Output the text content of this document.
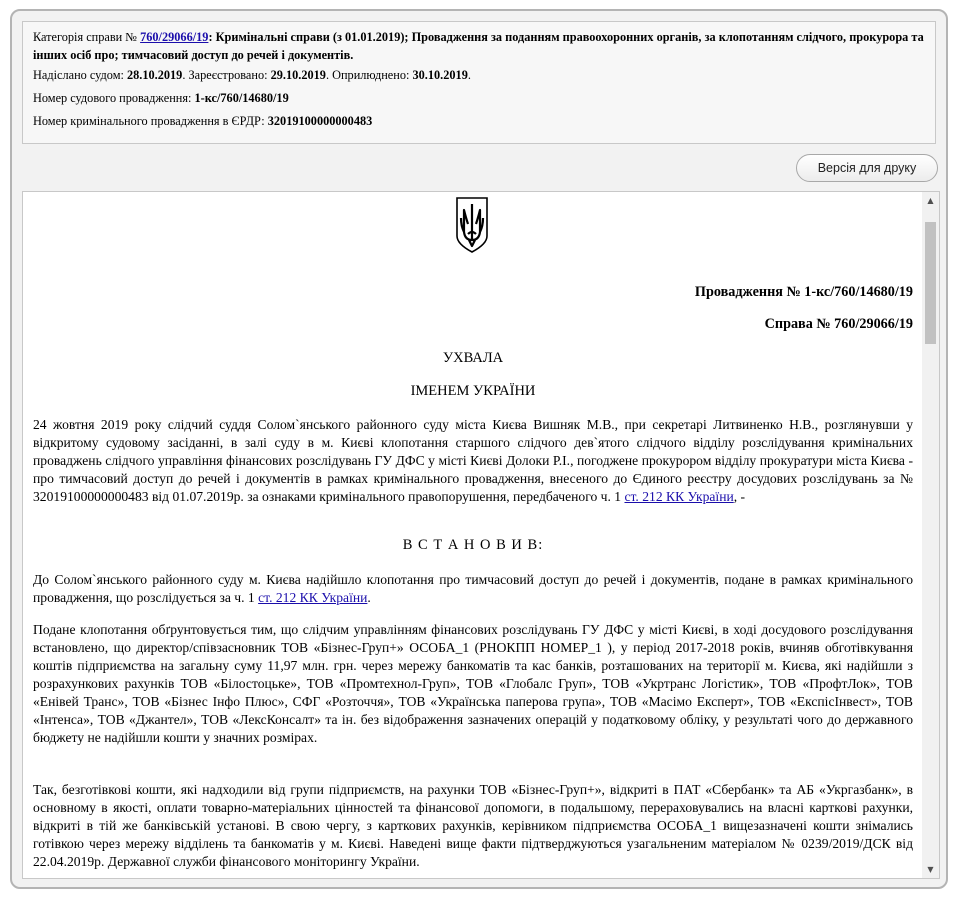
Категорія справи № 760/29066/19: Кримінальні справи (з 01.01.2019); Провадження за поданням правоохоронних органів, за клопотанням слідчого, прокурора та інших осіб про; тимчасовий доступ до речей і документів.
Надіслано судом: 28.10.2019. Зареєстровано: 29.10.2019. Оприлюднено: 30.10.2019.
Номер судового провадження: 1-кс/760/14680/19
Номер кримінального провадження в ЄРДР: 32019100000000483
Версія для друку
Провадження № 1-кс/760/14680/19
Справа № 760/29066/19
УХВАЛА
ІМЕНЕМ УКРАЇНИ
24 жовтня 2019 року слідчий суддя Солом`янського районного суду міста Києва Вишняк М.В., при секретарі Литвиненко Н.В., розглянувши у відкритому судовому засіданні, в залі суду в м. Києві клопотання старшого слідчого дев`ятого слідчого відділу розслідування кримінальних проваджень слідчого управління фінансових розслідувань ГУ ДФС у місті Києві Долоки Р.І., погоджене прокурором відділу прокуратури міста Києва - про тимчасовий доступ до речей і документів в рамках кримінального провадження, внесеного до Єдиного реєстру досудових розслідувань за № 32019100000000483 від 01.07.2019р. за ознаками кримінального правопорушення, передбаченого ч. 1 ст. 212 КК України, -
В С Т А Н О В И В:
До Солом`янського районного суду м. Києва надійшло клопотання про тимчасовий доступ до речей і документів, подане в рамках кримінального провадження, що розслідується за ч. 1 ст. 212 КК України.
Подане клопотання обґрунтовується тим, що слідчим управлінням фінансових розслідувань ГУ ДФС у місті Києві, в ході досудового розслідування встановлено, що директор/співзасновник ТОВ «Бізнес-Груп+» ОСОБА_1 (РНОКПП НОМЕР_1 ), у період 2017-2018 років, вчиняв обготівкування коштів підприємства на загальну суму 11,97 млн. грн. через мережу банкоматів та кас банків, розташованих на території м. Києва, які надійшли з розрахункових рахунків ТОВ «Білостоцьке», ТОВ «Промтехнол-Груп», ТОВ «Глобалс Груп», ТОВ «Укртранс Логістик», ТОВ «ПрофтЛок», ТОВ «Енівей Транс», ТОВ «Бізнес Інфо Плюс», СФГ «Розточчя», ТОВ «Українська паперова група», ТОВ «Масімо Експерт», ТОВ «ЕкспісІнвест», ТОВ «Інтенса», ТОВ «Джантел», ТОВ «ЛексКонсалт» та ін. без відображення зазначених операцій у податковому обліку, у результаті чого до державного бюджету не надійшли кошти у значних розмірах.
Так, безготівкові кошти, які надходили від групи підприємств, на рахунки ТОВ «Бізнес-Груп+», відкриті в ПАТ «Сбербанк» та АБ «Укргазбанк», в основному в якості, оплати товарно-матеріальних цінностей та фінансової допомоги, в подальшому, перераховувались на власні карткові рахунки, відкриті в тій же банківській установі. В свою чергу, з карткових рахунків, керівником підприємства ОСОБА_1 вищезазначені кошти знімались готівкою через мережу відділень та банкоматів у м. Києві. Наведені вище факти підтверджуються узагальненим матеріалом № 0239/2019/ДСК від 22.04.2019р. Державної служби фінансового моніторингу України.
▲
▼
